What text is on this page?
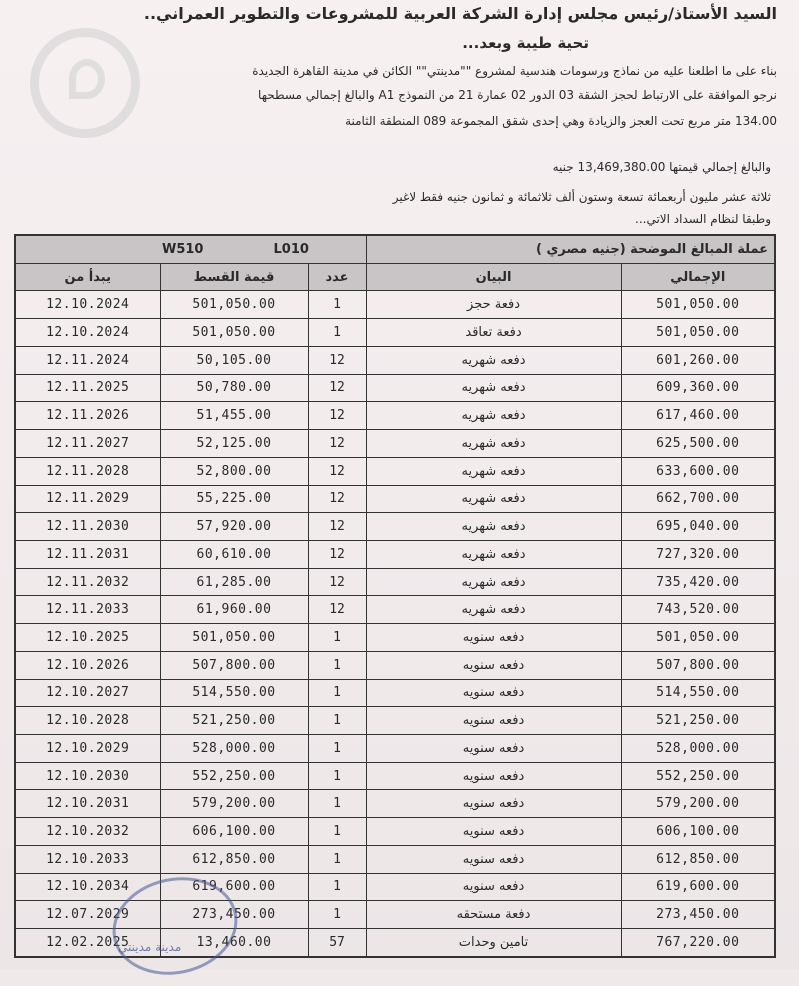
السيد الأستاذ/رئيس مجلس إدارة الشركة العربية للمشروعات والتطوير العمراني..
تحية طيبة وبعد...
بناء على ما اطلعنا عليه من نماذج ورسومات هندسية لمشروع ""مدينتي"" الكائن في مدينة القاهرة الجديدة
نرجو الموافقة على الارتباط لحجز الشقة 03 الدور 02 عمارة 21 من النموذج A1 والبالغ إجمالي مسطحها
134.00 متر مربع تحت العجز والزيادة وهي إحدى شقق المجموعة 089 المنطقة الثامنة
والبالغ إجمالي قيمتها 13,469,380.00 جنيه
ثلاثة عشر مليون أربعمائة تسعة وستون ألف ثلاثمائة و ثمانون جنيه فقط لاغير
وطبقا لنظام السداد الاتي...
W510 L010			عملة المبالغ الموضحة (جنيه مصري )	
يبدأ من	قيمة القسط	عدد	البيان	الإجمالي
12.10.2024	501,050.00	1	دفعة حجز	501,050.00
12.10.2024	501,050.00	1	دفعة تعاقد	501,050.00
12.11.2024	50,105.00	12	دفعه شهريه	601,260.00
12.11.2025	50,780.00	12	دفعه شهريه	609,360.00
12.11.2026	51,455.00	12	دفعه شهريه	617,460.00
12.11.2027	52,125.00	12	دفعه شهريه	625,500.00
12.11.2028	52,800.00	12	دفعه شهريه	633,600.00
12.11.2029	55,225.00	12	دفعه شهريه	662,700.00
12.11.2030	57,920.00	12	دفعه شهريه	695,040.00
12.11.2031	60,610.00	12	دفعه شهريه	727,320.00
12.11.2032	61,285.00	12	دفعه شهريه	735,420.00
12.11.2033	61,960.00	12	دفعه شهريه	743,520.00
12.10.2025	501,050.00	1	دفعه سنويه	501,050.00
12.10.2026	507,800.00	1	دفعه سنويه	507,800.00
12.10.2027	514,550.00	1	دفعه سنويه	514,550.00
12.10.2028	521,250.00	1	دفعه سنويه	521,250.00
12.10.2029	528,000.00	1	دفعه سنويه	528,000.00
12.10.2030	552,250.00	1	دفعه سنويه	552,250.00
12.10.2031	579,200.00	1	دفعه سنويه	579,200.00
12.10.2032	606,100.00	1	دفعه سنويه	606,100.00
12.10.2033	612,850.00	1	دفعه سنويه	612,850.00
12.10.2034	619,600.00	1	دفعه سنويه	619,600.00
12.07.2029	273,450.00	1	دفعة مستحقه	273,450.00
12.02.2025	13,460.00	57	تامين وحدات	767,220.00
مدينة مدينتي
